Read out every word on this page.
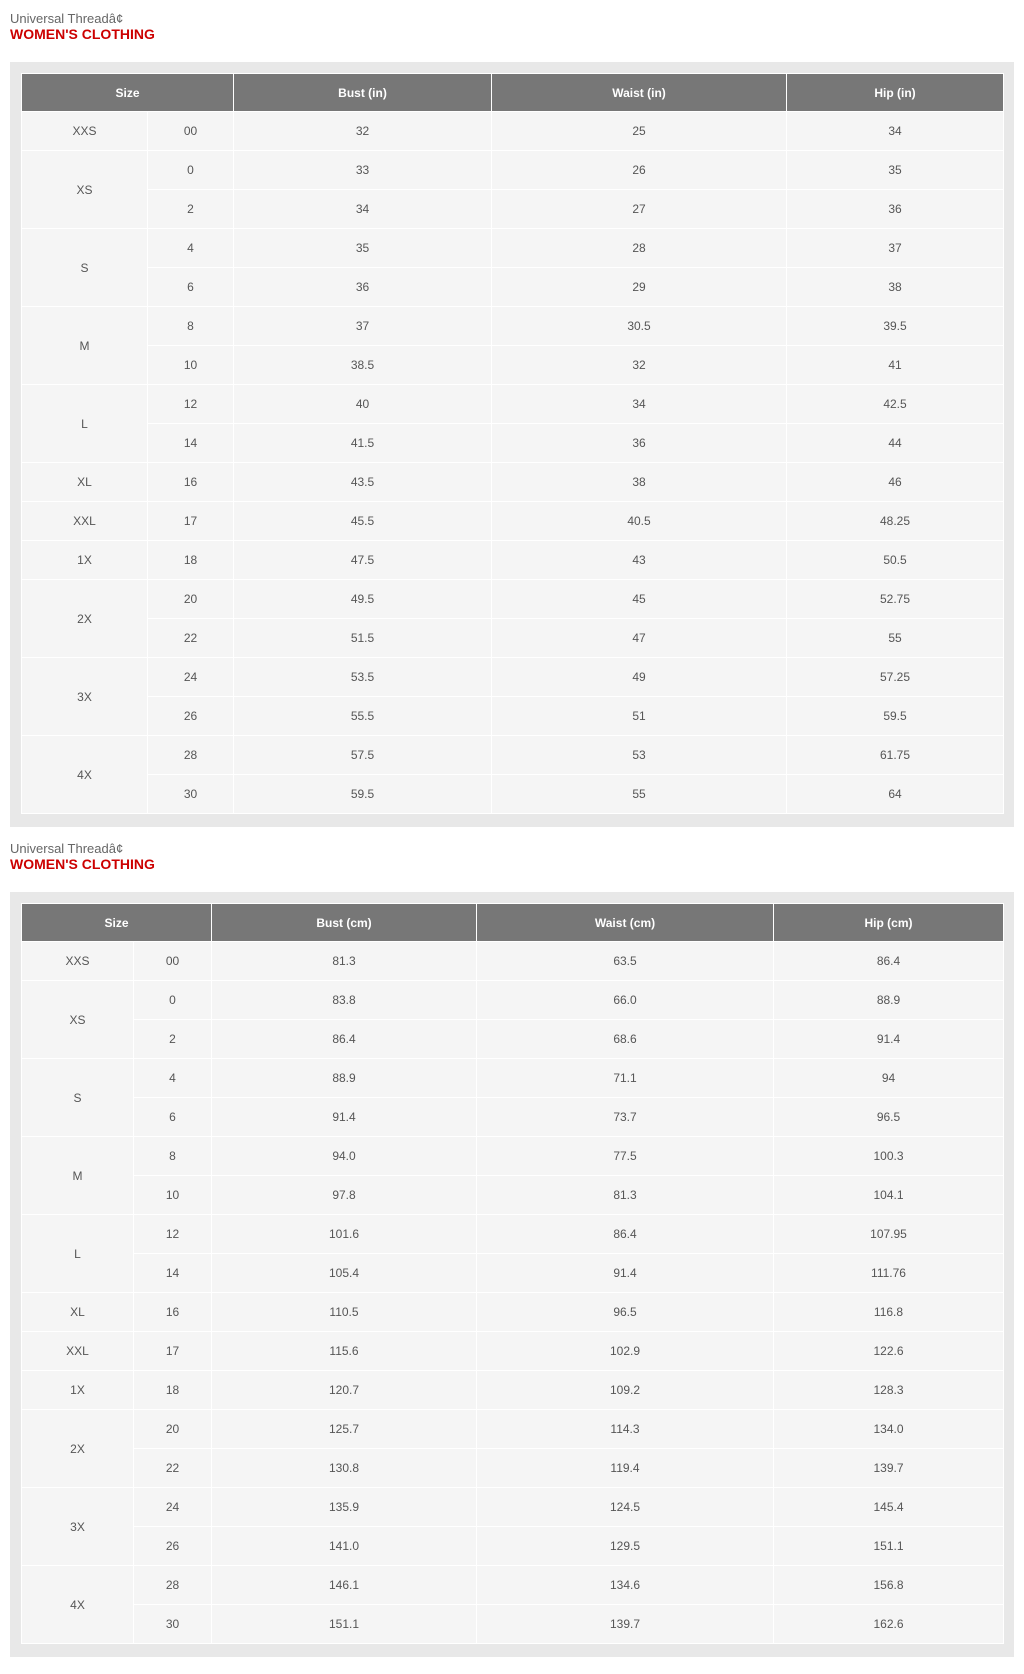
Universal Threadâ¢
WOMEN'S CLOTHING
Size		Bust (in)	Waist (in)	Hip (in)
XXS	00	32	25	34
XS	0	33	26	35
	2	34	27	36
S	4	35	28	37
	6	36	29	38
M	8	37	30.5	39.5
	10	38.5	32	41
L	12	40	34	42.5
	14	41.5	36	44
XL	16	43.5	38	46
XXL	17	45.5	40.5	48.25
1X	18	47.5	43	50.5
2X	20	49.5	45	52.75
	22	51.5	47	55
3X	24	53.5	49	57.25
	26	55.5	51	59.5
4X	28	57.5	53	61.75
	30	59.5	55	64
Universal Threadâ¢
WOMEN'S CLOTHING
Size		Bust (cm)	Waist (cm)	Hip (cm)
XXS	00	81.3	63.5	86.4
XS	0	83.8	66.0	88.9
	2	86.4	68.6	91.4
S	4	88.9	71.1	94
	6	91.4	73.7	96.5
M	8	94.0	77.5	100.3
	10	97.8	81.3	104.1
L	12	101.6	86.4	107.95
	14	105.4	91.4	111.76
XL	16	110.5	96.5	116.8
XXL	17	115.6	102.9	122.6
1X	18	120.7	109.2	128.3
2X	20	125.7	114.3	134.0
	22	130.8	119.4	139.7
3X	24	135.9	124.5	145.4
	26	141.0	129.5	151.1
4X	28	146.1	134.6	156.8
	30	151.1	139.7	162.6
